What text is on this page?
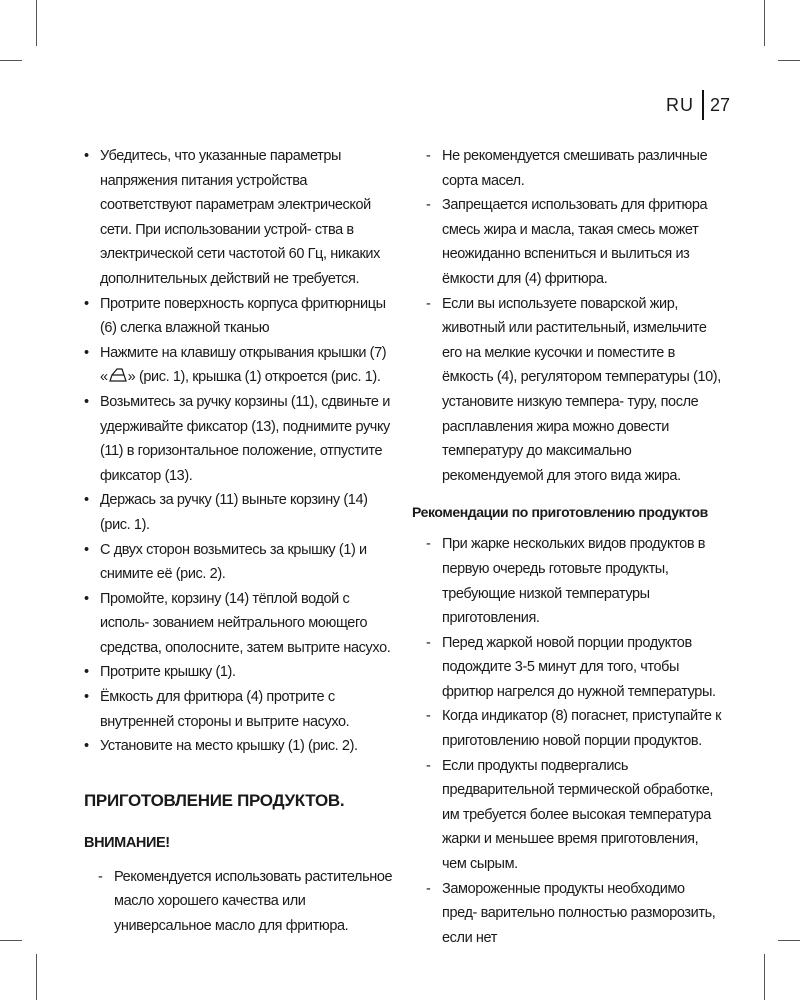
RU 27
• Убедитесь, что указанные параметры напряжения питания устройства соответствуют параметрам электрической сети. При использовании устрой- ства в электрической сети частотой 60 Гц, никаких дополнительных действий не требуется.
• Протрите поверхность корпуса фритюрницы (6) слегка влажной тканью
• Нажмите на клавишу открывания крышки (7) « » (рис. 1), крышка (1) откроется (рис. 1).
• Возьмитесь за ручку корзины (11), сдвиньте и удерживайте фиксатор (13), поднимите ручку (11) в горизонтальное положение, отпустите фиксатор (13).
• Держась за ручку (11) выньте корзину (14) (рис. 1).
• С двух сторон возьмитесь за крышку (1) и снимите её (рис. 2).
• Промойте, корзину (14) тёплой водой с исполь- зованием нейтрального моющего средства, ополосните, затем вытрите насухо.
• Протрите крышку (1).
• Ёмкость для фритюра (4) протрите с внутренней стороны и вытрите насухо.
• Установите на место крышку (1) (рис. 2).
ПРИГОТОВЛЕНИЕ ПРОДУКТОВ.
ВНИМАНИЕ!
- Рекомендуется использовать растительное масло хорошего качества или универсальное масло для фритюра.
- Не рекомендуется смешивать различные сорта масел.
- Запрещается использовать для фритюра смесь жира и масла, такая смесь может неожиданно вспениться и вылиться из ёмкости для (4) фритюра.
- Если вы используете поварской жир, животный или растительный, измельчите его на мелкие кусочки и поместите в ёмкость (4), регулятором температуры (10), установите низкую темпера- туру, после расплавления жира можно довести температуру до максимально рекомендуемой для этого вида жира.
Рекомендации по приготовлению продуктов
- При жарке нескольких видов продуктов в первую очередь готовьте продукты, требующие низкой температуры приготовления.
- Перед жаркой новой порции продуктов подождите 3-5 минут для того, чтобы фритюр нагрелся до нужной температуры.
- Когда индикатор (8) погаснет, приступайте к приготовлению новой порции продуктов.
- Если продукты подвергались предварительной термической обработке, им требуется более высокая температура жарки и меньшее время приготовления, чем сырым.
- Замороженные продукты необходимо пред- варительно полностью разморозить, если нет
